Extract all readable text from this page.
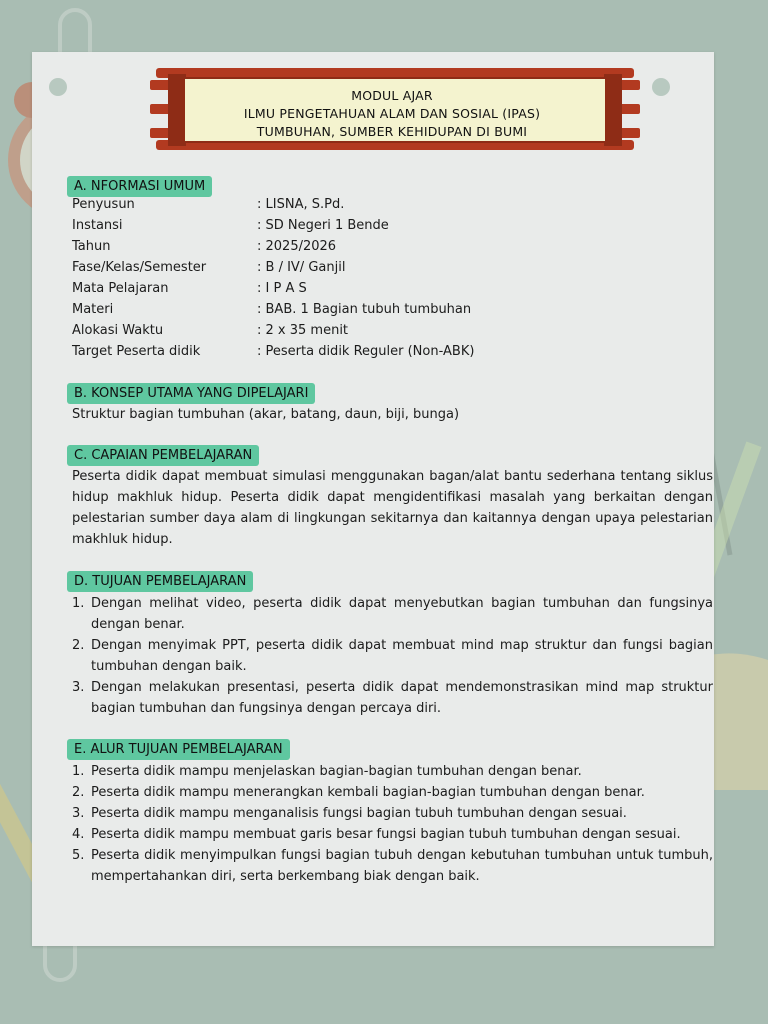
MODUL AJAR
ILMU PENGETAHUAN ALAM DAN SOSIAL (IPAS)
TUMBUHAN, SUMBER KEHIDUPAN DI BUMI
A. NFORMASI UMUM
Penyusun	: LISNA, S.Pd.
Instansi	: SD Negeri 1 Bende
Tahun	: 2025/2026
Fase/Kelas/Semester	: B / IV/ Ganjil
Mata Pelajaran	: I P A S
Materi	: BAB. 1 Bagian tubuh tumbuhan
Alokasi Waktu	: 2 x 35 menit
Target Peserta didik	: Peserta didik Reguler (Non-ABK)
B. KONSEP UTAMA YANG DIPELAJARI
Struktur bagian tumbuhan (akar, batang, daun, biji, bunga)
C. CAPAIAN PEMBELAJARAN
Peserta didik dapat membuat simulasi menggunakan bagan/alat bantu sederhana tentang siklus hidup makhluk hidup. Peserta didik dapat mengidentifikasi masalah yang berkaitan dengan pelestarian sumber daya alam di lingkungan sekitarnya dan kaitannya dengan upaya pelestarian makhluk hidup.
D. TUJUAN PEMBELAJARAN
1. Dengan melihat video, peserta didik dapat menyebutkan bagian tumbuhan dan fungsinya dengan benar.
2. Dengan menyimak PPT, peserta didik dapat membuat mind map struktur dan fungsi bagian tumbuhan dengan baik.
3. Dengan melakukan presentasi, peserta didik dapat mendemonstrasikan mind map struktur bagian tumbuhan dan fungsinya dengan percaya diri.
E. ALUR TUJUAN PEMBELAJARAN
1. Peserta didik mampu menjelaskan bagian-bagian tumbuhan dengan benar.
2. Peserta didik mampu menerangkan kembali bagian-bagian tumbuhan dengan benar.
3. Peserta didik mampu menganalisis fungsi bagian tubuh tumbuhan dengan sesuai.
4. Peserta didik mampu membuat garis besar fungsi bagian tubuh tumbuhan dengan sesuai.
5. Peserta didik menyimpulkan fungsi bagian tubuh dengan kebutuhan tumbuhan untuk tumbuh, mempertahankan diri, serta berkembang biak dengan baik.
